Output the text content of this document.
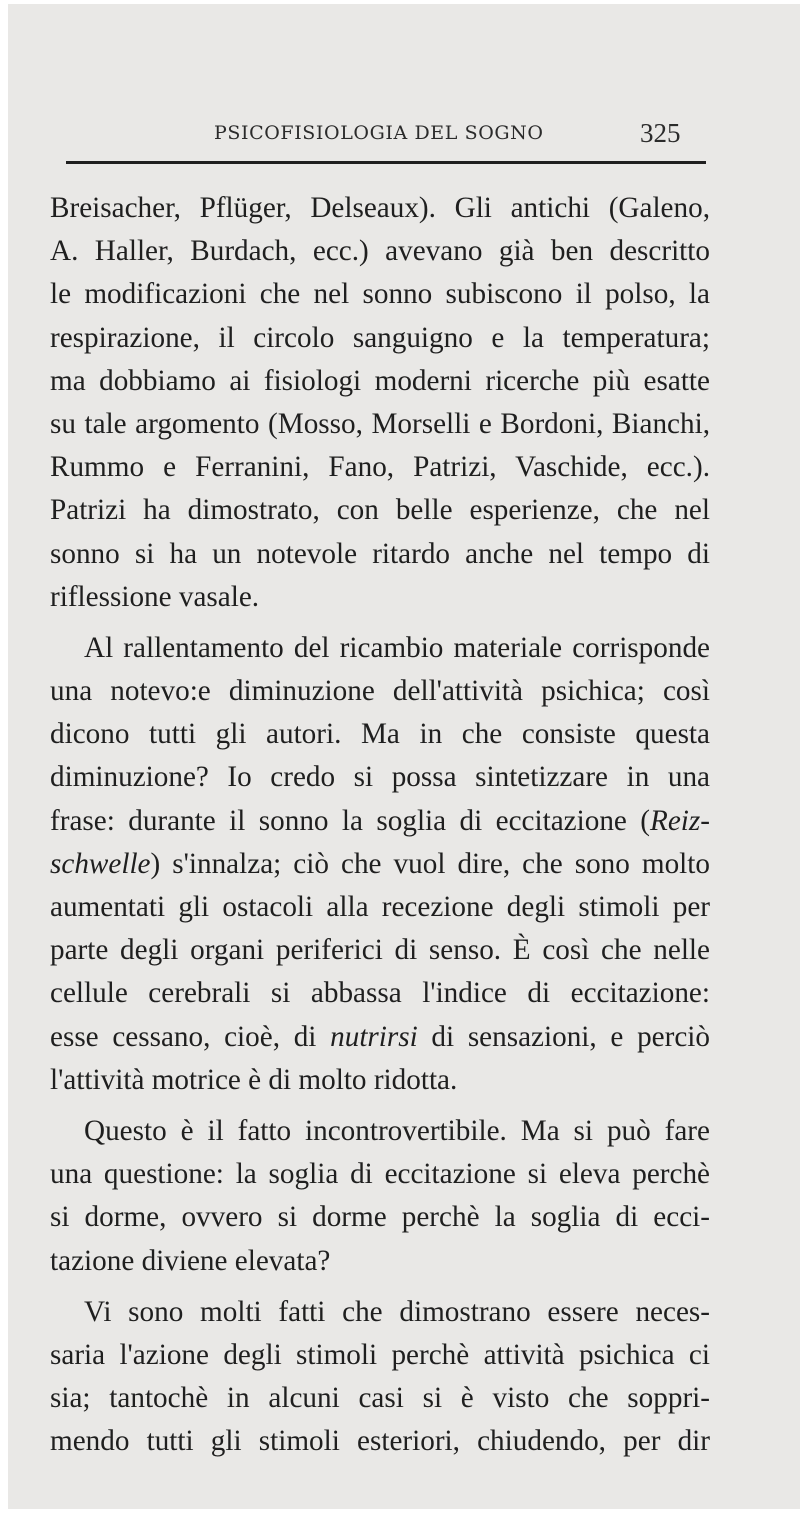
PSICOFISIOLOGIA DEL SOGNO	325
Breisacher, Pflüger, Delseaux). Gli antichi (Galeno,
A. Haller, Burdach, ecc.) avevano già ben descritto
le modificazioni che nel sonno subiscono il polso, la
respirazione, il circolo sanguigno e la temperatura;
ma dobbiamo ai fisiologi moderni ricerche più esatte
su tale argomento (Mosso, Morselli e Bordoni, Bianchi,
Rummo e Ferranini, Fano, Patrizi, Vaschide, ecc.).
Patrizi ha dimostrato, con belle esperienze, che nel
sonno si ha un notevole ritardo anche nel tempo di
riflessione vasale.
Al rallentamento del ricambio materiale corrisponde
una notevo:e diminuzione dell'attività psichica; così
dicono tutti gli autori. Ma in che consiste questa
diminuzione? Io credo si possa sintetizzare in una
frase: durante il sonno la soglia di eccitazione (Reiz-
schwelle) s'innalza; ciò che vuol dire, che sono molto
aumentati gli ostacoli alla recezione degli stimoli per
parte degli organi periferici di senso. È così che nelle
cellule cerebrali si abbassa l'indice di eccitazione:
esse cessano, cioè, di nutrirsi di sensazioni, e perciò
l'attività motrice è di molto ridotta.
Questo è il fatto incontrovertibile. Ma si può fare
una questione: la soglia di eccitazione si eleva perchè
si dorme, ovvero si dorme perchè la soglia di ecci-
tazione diviene elevata?
Vi sono molti fatti che dimostrano essere neces-
saria l'azione degli stimoli perchè attività psichica ci
sia; tantochè in alcuni casi si è visto che soppri-
mendo tutti gli stimoli esteriori, chiudendo, per dir
